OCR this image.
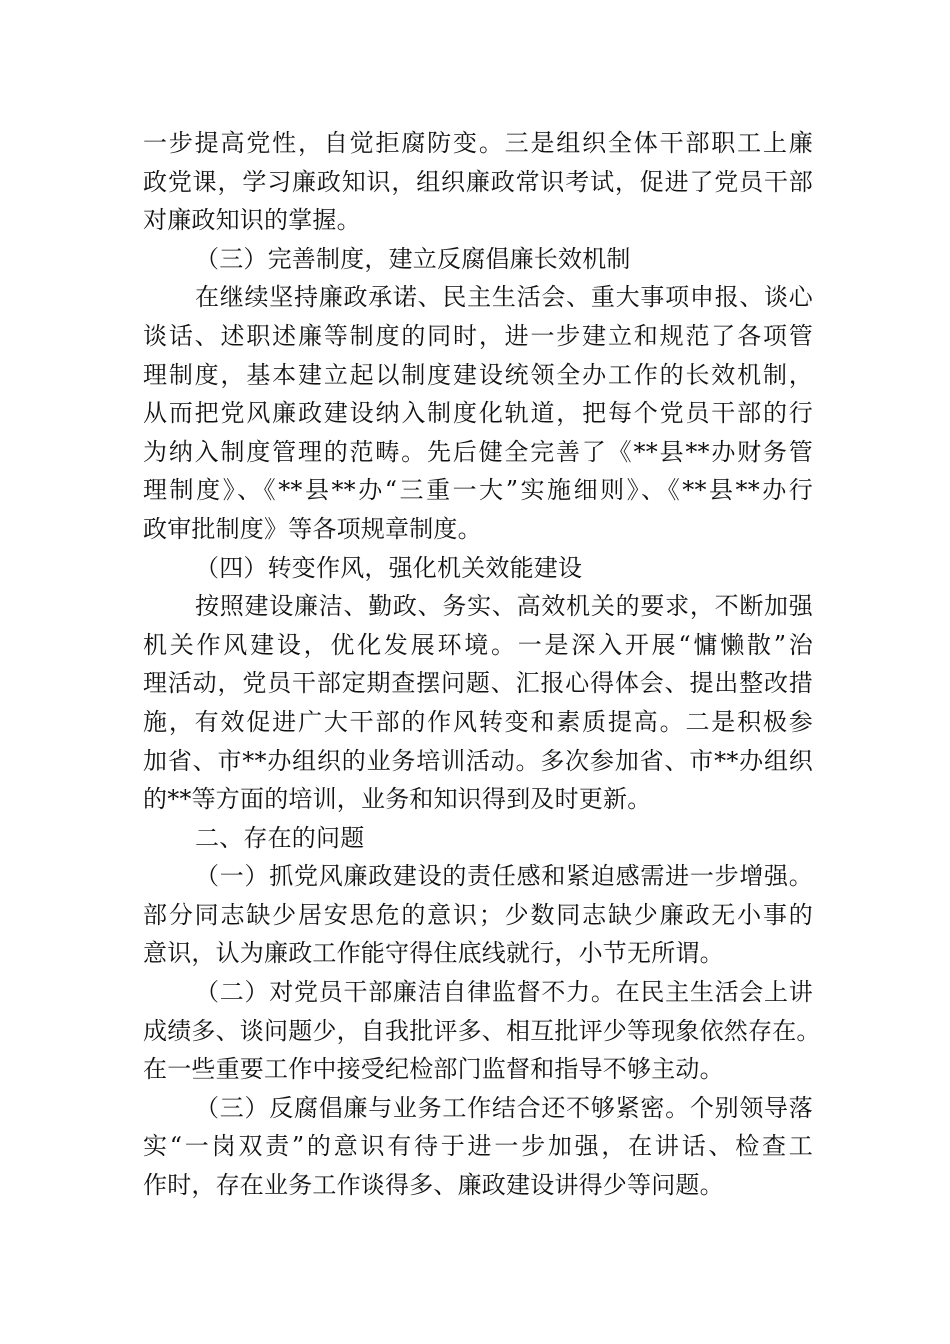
一步提高党性，自觉拒腐防变。三是组织全体干部职工上廉
政党课，学习廉政知识，组织廉政常识考试，促进了党员干部
对廉政知识的掌握。
（三）完善制度，建立反腐倡廉长效机制
在继续坚持廉政承诺、民主生活会、重大事项申报、谈心
谈话、述职述廉等制度的同时，进一步建立和规范了各项管
理制度，基本建立起以制度建设统领全办工作的长效机制，
从而把党风廉政建设纳入制度化轨道，把每个党员干部的行
为纳入制度管理的范畴。先后健全完善了《**县**办财务管
理制度》、《**县**办“三重一大”实施细则》、《**县**办行
政审批制度》等各项规章制度。
（四）转变作风，强化机关效能建设
按照建设廉洁、勤政、务实、高效机关的要求，不断加强
机关作风建设，优化发展环境。一是深入开展“慵懒散”治
理活动，党员干部定期查摆问题、汇报心得体会、提出整改措
施，有效促进广大干部的作风转变和素质提高。二是积极参
加省、市**办组织的业务培训活动。多次参加省、市**办组织
的**等方面的培训，业务和知识得到及时更新。
二、存在的问题
（一）抓党风廉政建设的责任感和紧迫感需进一步增强。
部分同志缺少居安思危的意识；少数同志缺少廉政无小事的
意识，认为廉政工作能守得住底线就行，小节无所谓。
（二）对党员干部廉洁自律监督不力。在民主生活会上讲
成绩多、谈问题少，自我批评多、相互批评少等现象依然存在。
在一些重要工作中接受纪检部门监督和指导不够主动。
（三）反腐倡廉与业务工作结合还不够紧密。个别领导落
实“一岗双责”的意识有待于进一步加强，在讲话、检查工
作时，存在业务工作谈得多、廉政建设讲得少等问题。
